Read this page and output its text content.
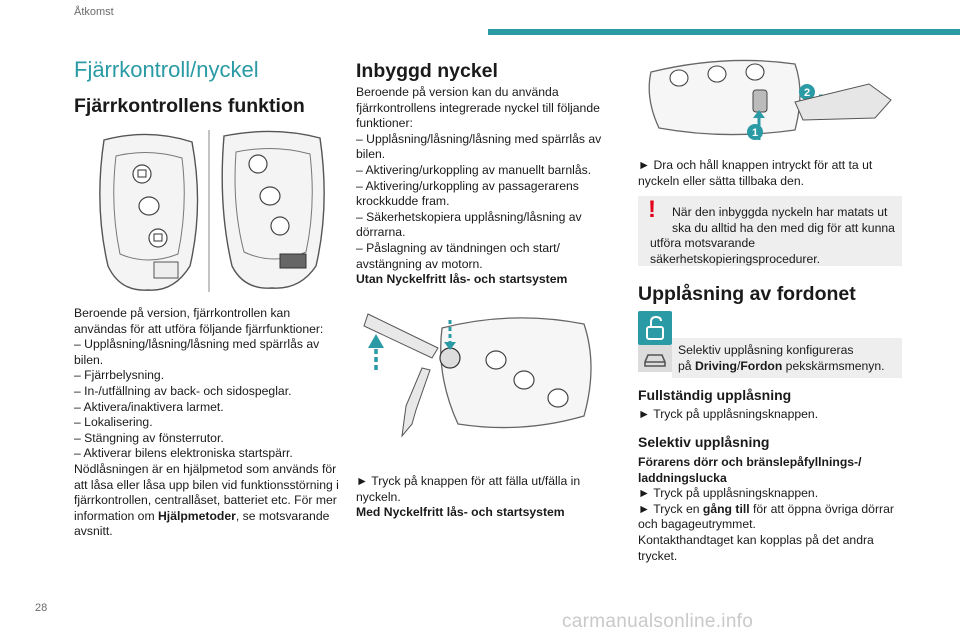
Åtkomst
28
carmanualsonline.info
Fjärrkontroll/nyckel
Fjärrkontrollens funktion

Beroende på version, fjärrkontrollen kan

användas för att utföra följande fjärrfunktioner:

– Upplåsning/låsning/låsning med spärrlås av

bilen.

– Fjärrbelysning.

– In-/utfällning av back- och sidospeglar.

– Aktivera/inaktivera larmet.

– Lokalisering.

– Stängning av fönsterrutor.

– Aktiverar bilens elektroniska startspärr.

Nödlåsningen är en hjälpmetod som används för

att låsa eller låsa upp bilen vid funktionsstörning i

fjärrkontrollen, centrallåset, batteriet etc. För mer

information om Hjälpmetoder, se motsvarande

avsnitt.

Inbyggd nyckel

Beroende på version kan du använda

fjärrkontrollens integrerade nyckel till följande

funktioner:

– Upplåsning/låsning/låsning med spärrlås av

bilen.

– Aktivering/urkoppling av manuellt barnlås.

– Aktivering/urkoppling av passagerarens

krockkudde fram.

– Säkerhetskopiera upplåsning/låsning av

dörrarna.

– Påslagning av tändningen och start/

avstängning av motorn.

Utan Nyckelfritt lås- och startsystem

► Tryck på knappen för att fälla ut/fälla in

nyckeln.

Med Nyckelfritt lås- och startsystem

1
2

► Dra och håll knappen intryckt för att ta ut

nyckeln eller sätta tillbaka den.

!	När den inbyggda nyckeln har matats ut

ska du alltid ha den med dig för att kunna

utföra motsvarande

säkerhetskopieringsprocedurer.

Upplåsning av fordonet

Selektiv upplåsning konfigureras

på Driving/Fordon pekskärmsmenyn.

Fullständig upplåsning

► Tryck på upplåsningsknappen.

Selektiv upplåsning

Förarens dörr och bränslepåfyllnings-/

laddningslucka

► Tryck på upplåsningsknappen.

► Tryck en gång till för att öppna övriga dörrar

och bagageutrymmet.

Kontakthandtaget kan kopplas på det andra

trycket.
